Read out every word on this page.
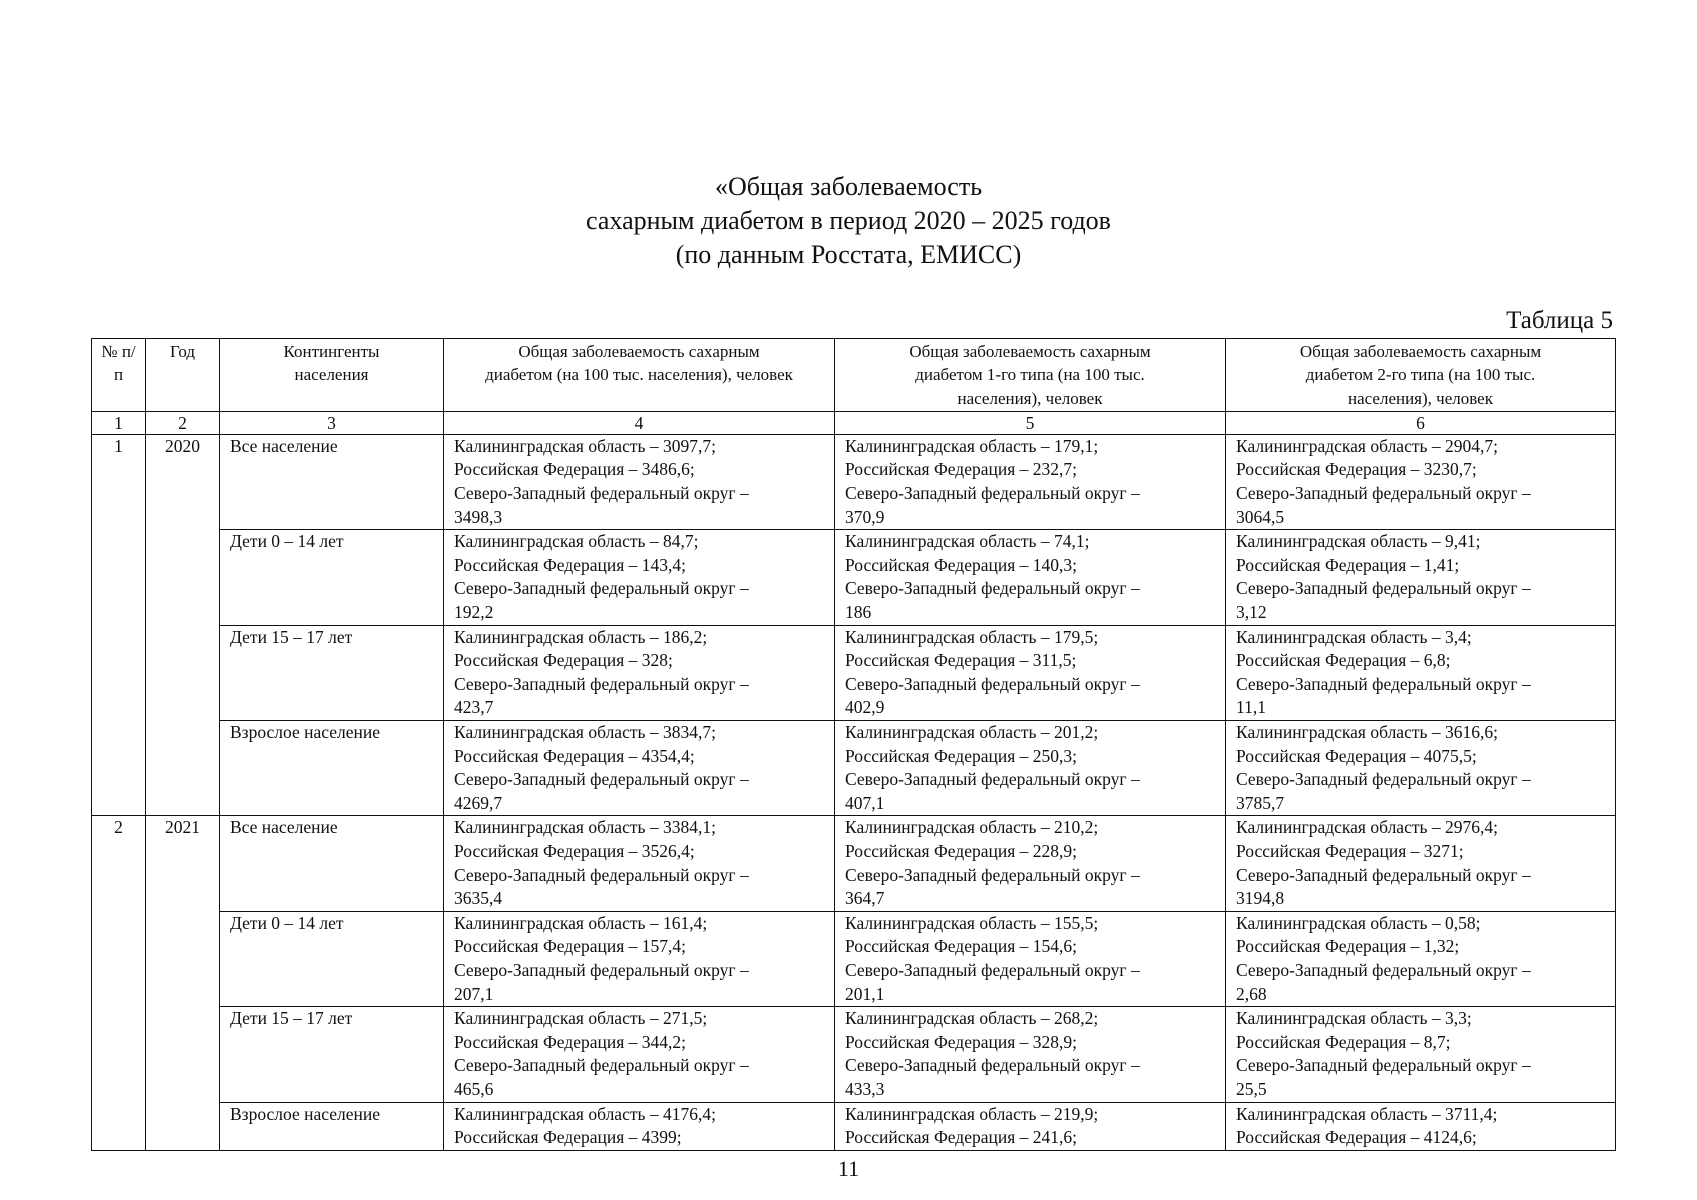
«Общая заболеваемость
сахарным диабетом в период 2020 – 2025 годов
(по данным Росстата, ЕМИСС)
Таблица 5
№ п/п	Год	Контингенты населения	Общая заболеваемость сахарным диабетом (на 100 тыс. населения), человек	Общая заболеваемость сахарным диабетом 1-го типа (на 100 тыс. населения), человек	Общая заболеваемость сахарным диабетом 2-го типа (на 100 тыс. населения), человек
1	2	3	4	5	6
1	2020	Все население	Калининградская область – 3097,7;
Российская Федерация – 3486,6;
Северо-Западный федеральный округ –
3498,3	Калининградская область – 179,1;
Российская Федерация – 232,7;
Северо-Западный федеральный округ –
370,9	Калининградская область – 2904,7;
Российская Федерация – 3230,7;
Северо-Западный федеральный округ –
3064,5

		Дети 0 – 14 лет	Калининградская область – 84,7;
Российская Федерация – 143,4;
Северо-Западный федеральный округ –
192,2	Калининградская область – 74,1;
Российская Федерация – 140,3;
Северо-Западный федеральный округ –
186	Калининградская область – 9,41;
Российская Федерация – 1,41;
Северо-Западный федеральный округ –
3,12

		Дети 15 – 17 лет	Калининградская область – 186,2;
Российская Федерация – 328;
Северо-Западный федеральный округ –
423,7	Калининградская область – 179,5;
Российская Федерация – 311,5;
Северо-Западный федеральный округ –
402,9	Калининградская область – 3,4;
Российская Федерация – 6,8;
Северо-Западный федеральный округ –
11,1

		Взрослое население	Калининградская область – 3834,7;
Российская Федерация – 4354,4;
Северо-Западный федеральный округ –
4269,7	Калининградская область – 201,2;
Российская Федерация – 250,3;
Северо-Западный федеральный округ –
407,1	Калининградская область – 3616,6;
Российская Федерация – 4075,5;
Северо-Западный федеральный округ –
3785,7

2	2021	Все население	Калининградская область – 3384,1;
Российская Федерация – 3526,4;
Северо-Западный федеральный округ –
3635,4	Калининградская область – 210,2;
Российская Федерация – 228,9;
Северо-Западный федеральный округ –
364,7	Калининградская область – 2976,4;
Российская Федерация – 3271;
Северо-Западный федеральный округ –
3194,8

		Дети 0 – 14 лет	Калининградская область – 161,4;
Российская Федерация – 157,4;
Северо-Западный федеральный округ –
207,1	Калининградская область – 155,5;
Российская Федерация – 154,6;
Северо-Западный федеральный округ –
201,1	Калининградская область – 0,58;
Российская Федерация – 1,32;
Северо-Западный федеральный округ –
2,68

		Дети 15 – 17 лет	Калининградская область – 271,5;
Российская Федерация – 344,2;
Северо-Западный федеральный округ –
465,6	Калининградская область – 268,2;
Российская Федерация – 328,9;
Северо-Западный федеральный округ –
433,3	Калининградская область – 3,3;
Российская Федерация – 8,7;
Северо-Западный федеральный округ –
25,5

		Взрослое население	Калининградская область – 4176,4;
Российская Федерация – 4399;	Калининградская область – 219,9;
Российская Федерация – 241,6;	Калининградская область – 3711,4;
Российская Федерация – 4124,6;
11
